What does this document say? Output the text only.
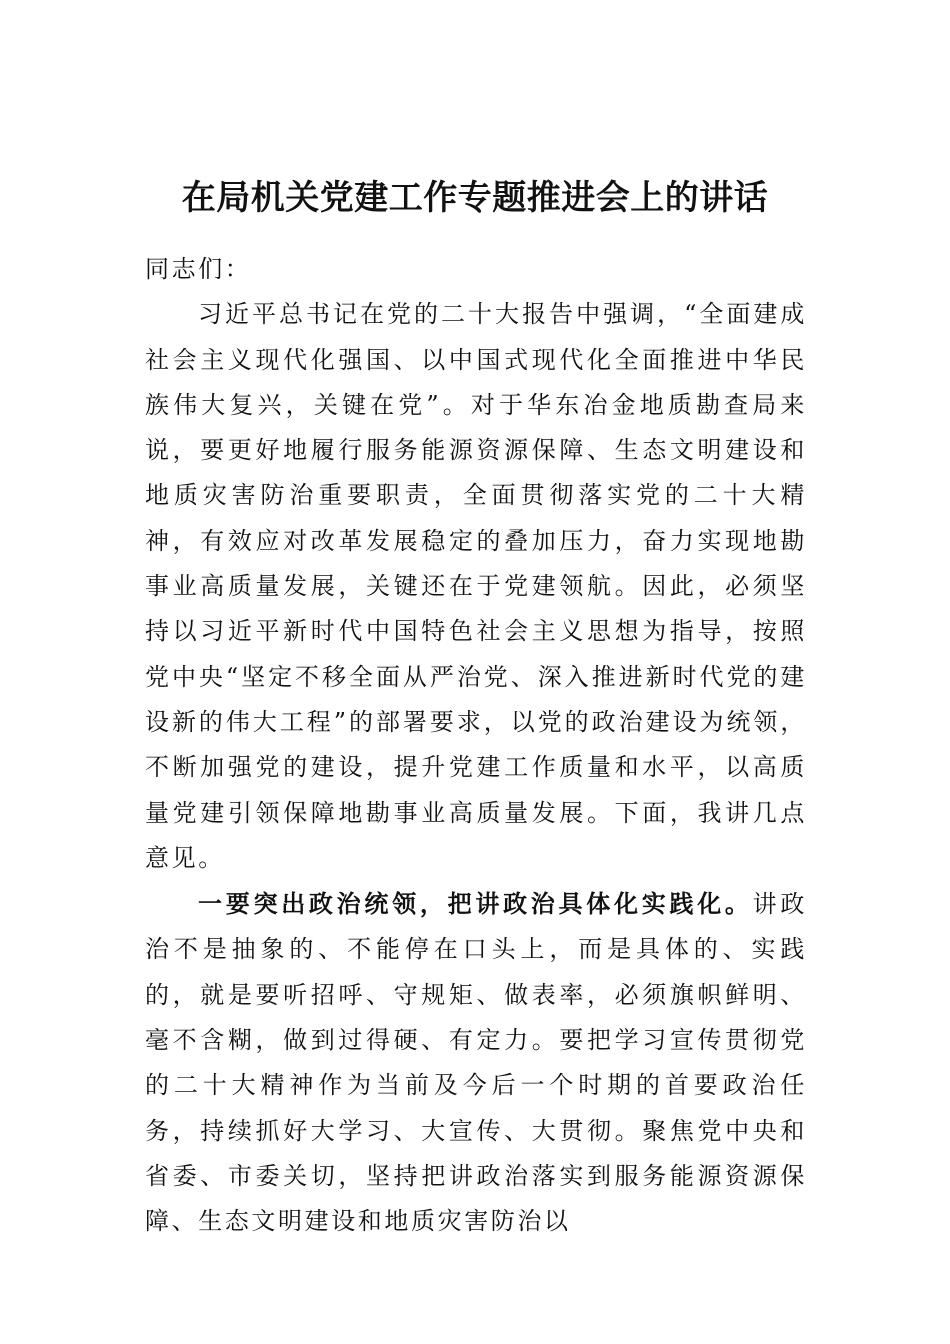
在局机关党建工作专题推进会上的讲话

同志们：

习近平总书记在党的二十大报告中强调，“全面建成社会主义现代化强国、以中国式现代化全面推进中华民族伟大复兴，关键在党”。对于华东冶金地质勘查局来说，要更好地履行服务能源资源保障、生态文明建设和地质灾害防治重要职责，全面贯彻落实党的二十大精神，有效应对改革发展稳定的叠加压力，奋力实现地勘事业高质量发展，关键还在于党建领航。因此，必须坚持以习近平新时代中国特色社会主义思想为指导，按照党中央“坚定不移全面从严治党、深入推进新时代党的建设新的伟大工程”的部署要求，以党的政治建设为统领，不断加强党的建设，提升党建工作质量和水平，以高质量党建引领保障地勘事业高质量发展。下面，我讲几点意见。

一要突出政治统领，把讲政治具体化实践化。讲政治不是抽象的、不能停在口头上，而是具体的、实践的，就是要听招呼、守规矩、做表率，必须旗帜鲜明、毫不含糊，做到过得硬、有定力。要把学习宣传贯彻党的二十大精神作为当前及今后一个时期的首要政治任务，持续抓好大学习、大宣传、大贯彻。聚焦党中央和省委、市委关切，坚持把讲政治落实到服务能源资源保障、生态文明建设和地质灾害防治以
